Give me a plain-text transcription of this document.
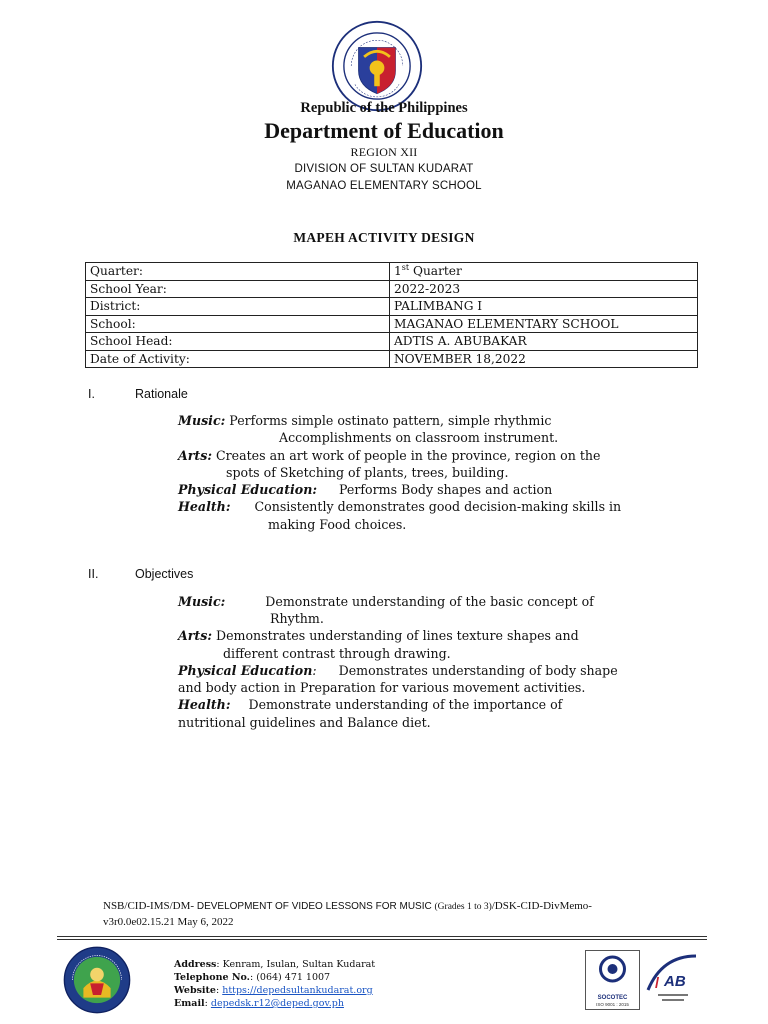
Republic of the Philippines
Department of Education
REGION XII
DIVISION OF SULTAN KUDARAT
MAGANAO ELEMENTARY SCHOOL
MAPEH ACTIVITY DESIGN
Quarter:	1st Quarter
School Year:	2022-2023
District:	PALIMBANG I
School:	MAGANAO ELEMENTARY SCHOOL
School Head:	ADTIS A. ABUBAKAR
Date of Activity:	NOVEMBER 18,2022
I.	Rationale
Music: Performs simple ostinato pattern, simple rhythmic
Accomplishments on classroom instrument.
Arts: Creates an art work of people in the province, region on the
spots of Sketching of plants, trees, building.
Physical Education: Performs Body shapes and action
Health: Consistently demonstrates good decision-making skills in
making Food choices.
II.	Objectives
Music:	Demonstrate understanding of the basic concept of
Rhythm.
Arts: Demonstrates understanding of lines texture shapes and
different contrast through drawing.
Physical Education: Demonstrates understanding of body shape
and body action in Preparation for various movement activities.
Health: Demonstrate understanding of the importance of
nutritional guidelines and Balance diet.
NSB/CID-IMS/DM- DEVELOPMENT OF VIDEO LESSONS FOR MUSIC (Grades 1 to 3)/DSK-CID-DivMemo-
v3r0.0e02.15.21 May 6, 2022
Address: Kenram, Isulan, Sultan Kudarat
Telephone No.: (064) 471 1007
Website: https://depedsultankudarat.org
Email: depedsk.r12@deped.gov.ph	SOCOTEC
ISO 9001 : 2015
AB
/
